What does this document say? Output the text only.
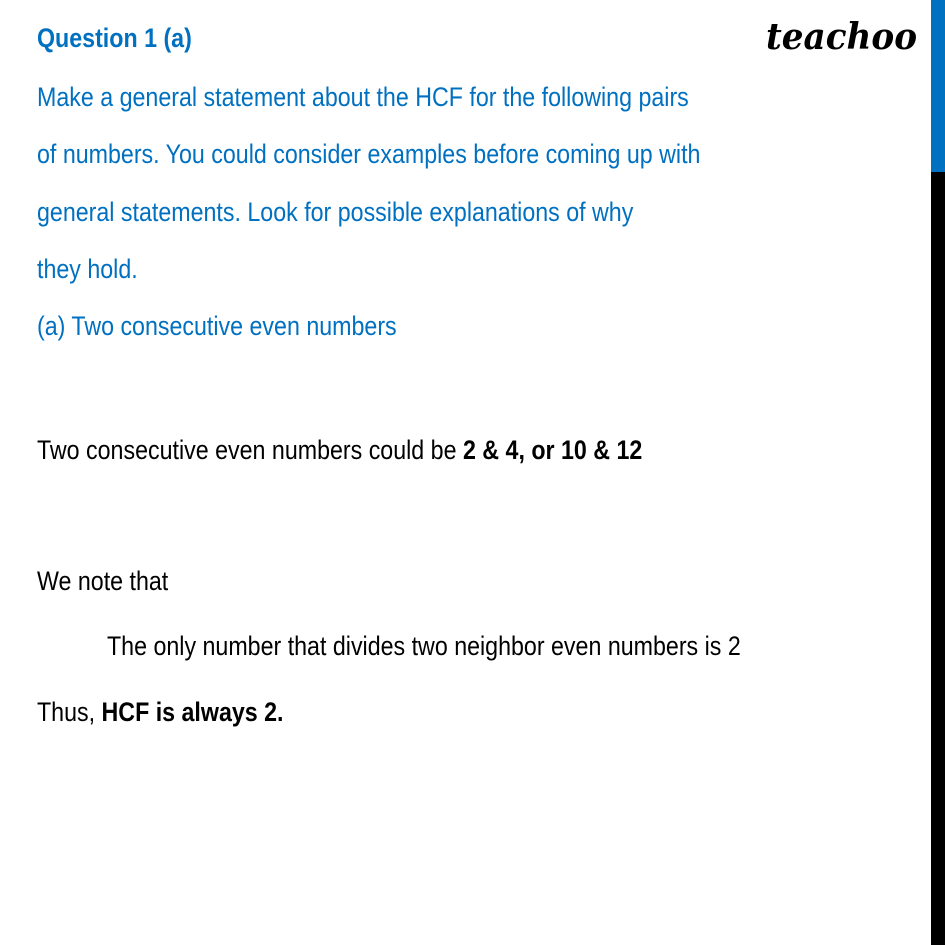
Question 1 (a)	teachoo
Make a general statement about the HCF for the following pairs
of numbers. You could consider examples before coming up with
general statements. Look for possible explanations of why
they hold.
(a) Two consecutive even numbers
Two consecutive even numbers could be 2 & 4, or 10 & 12
We note that
The only number that divides two neighbor even numbers is 2
Thus, HCF is always 2.
